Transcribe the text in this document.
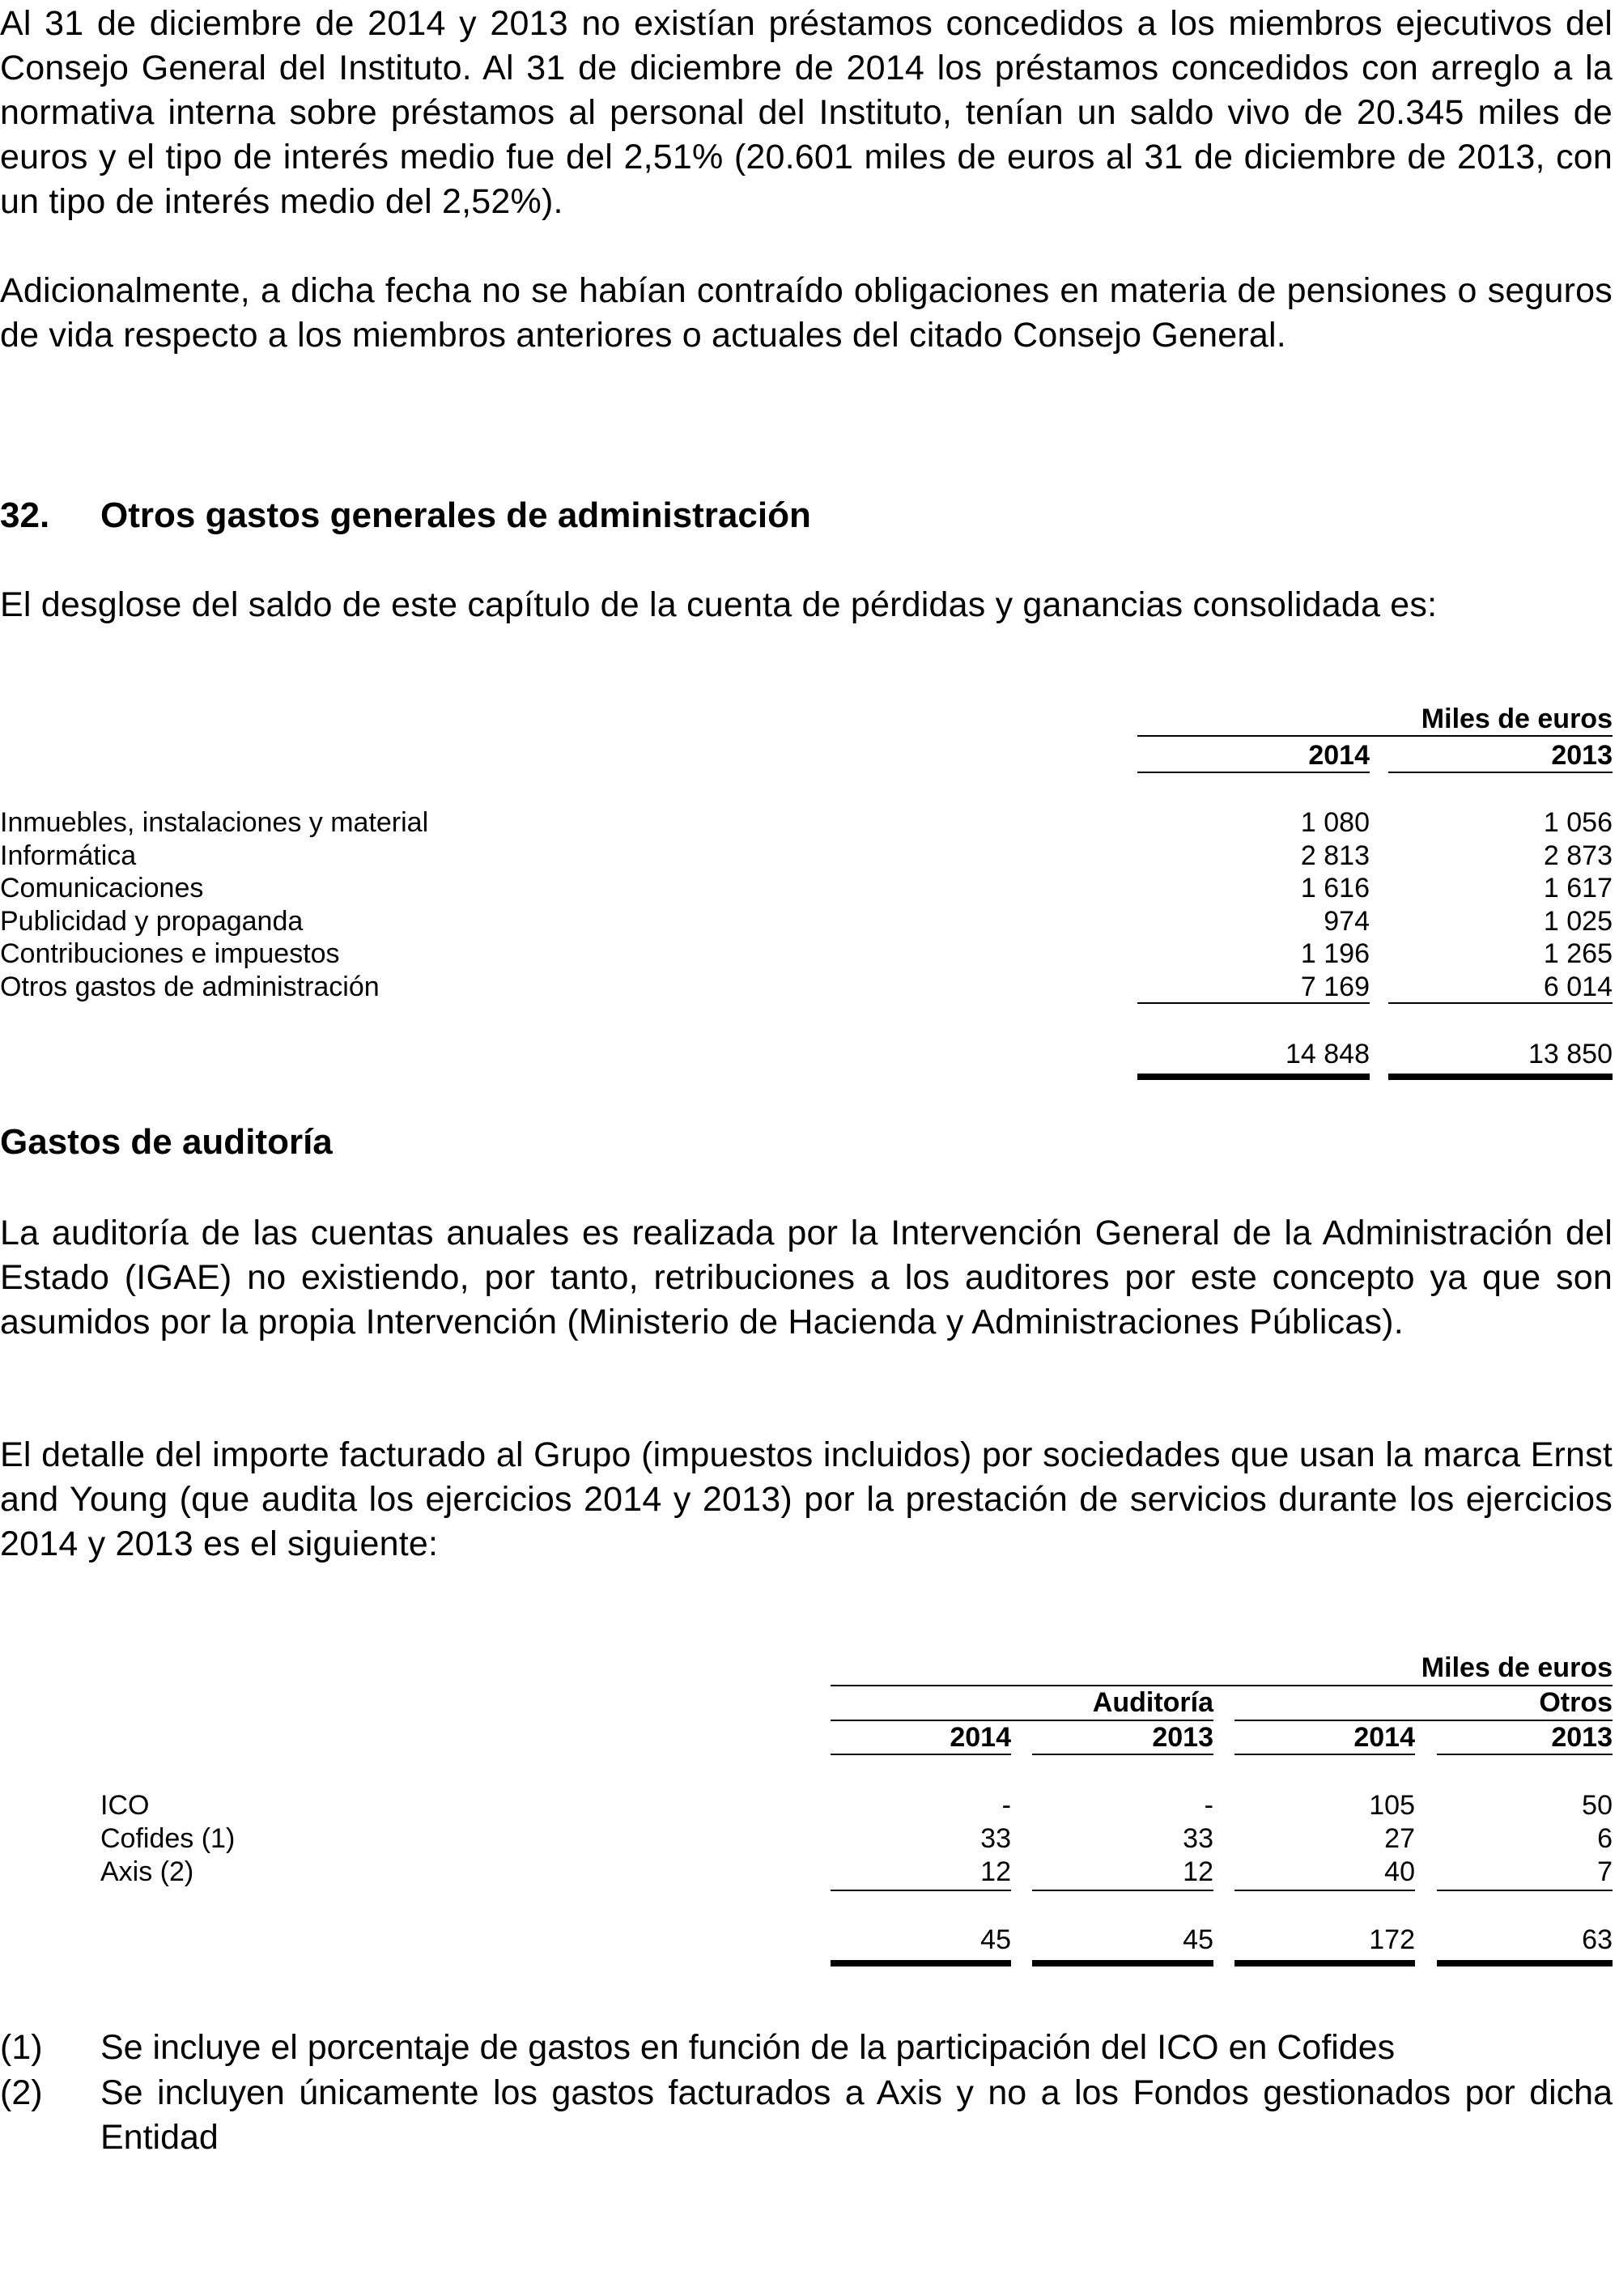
Al 31 de diciembre de 2014 y 2013 no existían préstamos concedidos a los miembros ejecutivos del Consejo General del Instituto. Al 31 de diciembre de 2014 los préstamos concedidos con arreglo a la normativa interna sobre préstamos al personal del Instituto, tenían un saldo vivo de 20.345 miles de euros y el tipo de interés medio fue del 2,51% (20.601 miles de euros al 31 de diciembre de 2013, con un tipo de interés medio del 2,52%).

Adicionalmente, a dicha fecha no se habían contraído obligaciones en materia de pensiones o seguros de vida respecto a los miembros anteriores o actuales del citado Consejo General.

32. Otros gastos generales de administración

El desglose del saldo de este capítulo de la cuenta de pérdidas y ganancias consolidada es:

Miles de euros
2014	2013
Inmuebles, instalaciones y material	1 080	1 056
Informática	2 813	2 873
Comunicaciones	1 616	1 617
Publicidad y propaganda	974	1 025
Contribuciones e impuestos	1 196	1 265
Otros gastos de administración	7 169	6 014
14 848	13 850
Gastos de auditoría

La auditoría de las cuentas anuales es realizada por la Intervención General de la Administración del Estado (IGAE) no existiendo, por tanto, retribuciones a los auditores por este concepto ya que son asumidos por la propia Intervención (Ministerio de Hacienda y Administraciones Públicas).

El detalle del importe facturado al Grupo (impuestos incluidos) por sociedades que usan la marca Ernst and Young (que audita los ejercicios 2014 y 2013) por la prestación de servicios durante los ejercicios 2014 y 2013 es el siguiente:

Miles de euros
Auditoría	Otros
2014	2013	2014	2013
ICO	-	-	105	50
Cofides (1)	33	33	27	6
Axis (2)	12	12	40	7
45	45	172	63
(1) Se incluye el porcentaje de gastos en función de la participación del ICO en Cofides
(2) Se incluyen únicamente los gastos facturados a Axis y no a los Fondos gestionados por dicha Entidad
